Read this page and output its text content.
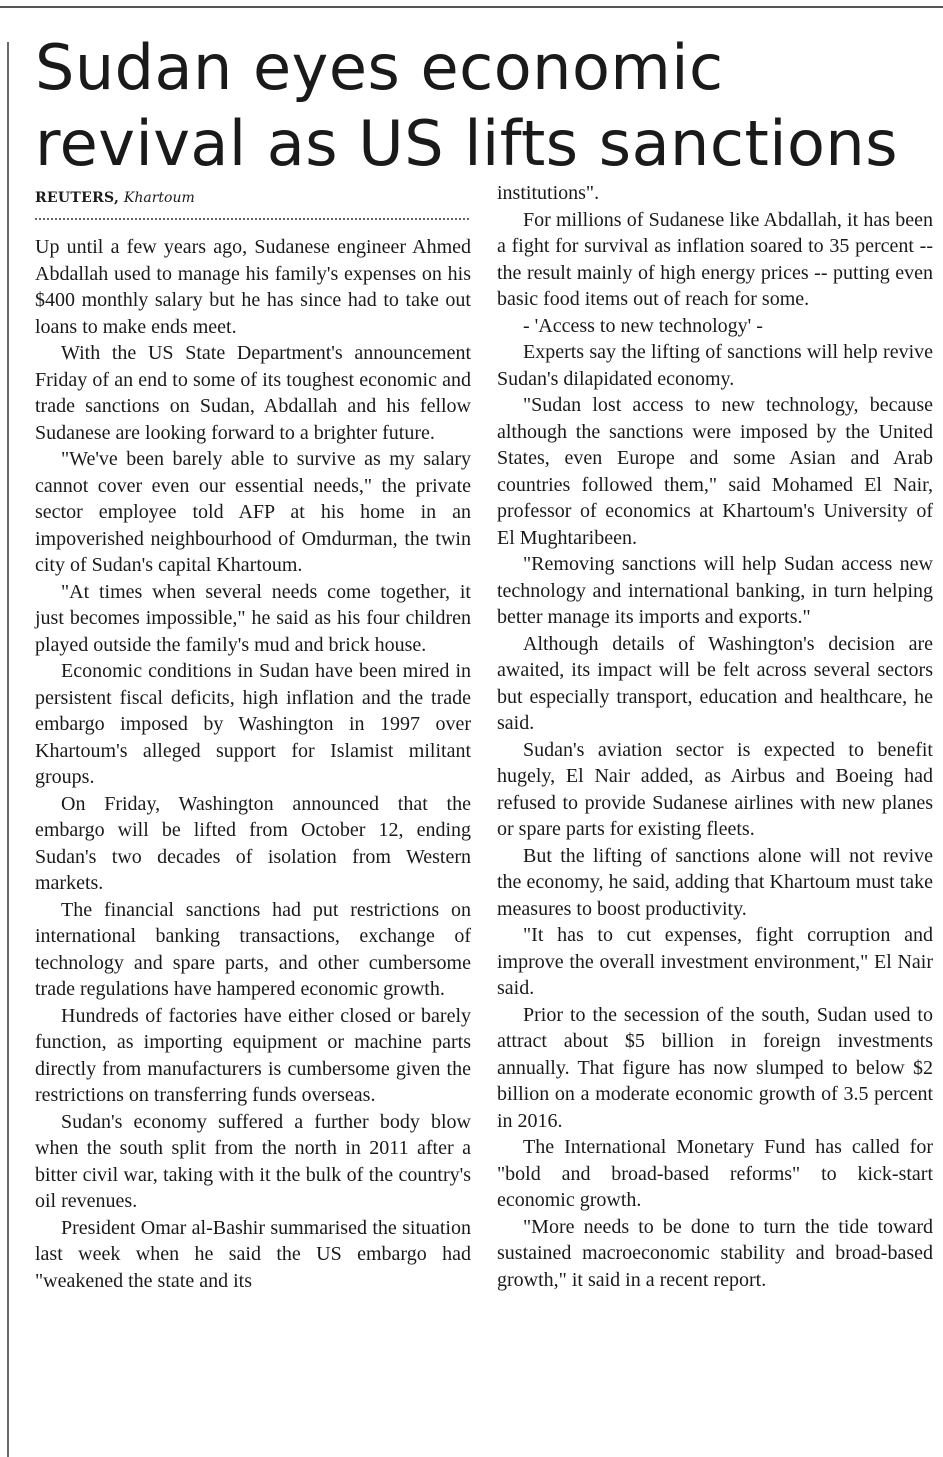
Sudan eyes economic revival as US lifts sanctions
REUTERS, Khartoum

Up until a few years ago, Sudanese engineer Ahmed Abdallah used to manage his family's expenses on his $400 monthly salary but he has since had to take out loans to make ends meet.

With the US State Department's announcement Friday of an end to some of its toughest economic and trade sanctions on Sudan, Abdallah and his fellow Sudanese are looking forward to a brighter future.

"We've been barely able to survive as my salary cannot cover even our essential needs," the private sector employee told AFP at his home in an impoverished neighbourhood of Omdurman, the twin city of Sudan's capital Khartoum.

"At times when several needs come together, it just becomes impossible," he said as his four children played outside the family's mud and brick house.

Economic conditions in Sudan have been mired in persistent fiscal deficits, high inflation and the trade embargo imposed by Washington in 1997 over Khartoum's alleged support for Islamist militant groups.

On Friday, Washington announced that the embargo will be lifted from October 12, ending Sudan's two decades of isolation from Western markets.

The financial sanctions had put restrictions on international banking transactions, exchange of technology and spare parts, and other cumbersome trade regulations have hampered economic growth.

Hundreds of factories have either closed or barely function, as importing equipment or machine parts directly from manufacturers is cumbersome given the restrictions on transferring funds overseas.

Sudan's economy suffered a further body blow when the south split from the north in 2011 after a bitter civil war, taking with it the bulk of the country's oil revenues.

President Omar al-Bashir summarised the situation last week when he said the US embargo had "weakened the state and its

institutions".

For millions of Sudanese like Abdallah, it has been a fight for survival as inflation soared to 35 percent -- the result mainly of high energy prices -- putting even basic food items out of reach for some.

- 'Access to new technology' -

Experts say the lifting of sanctions will help revive Sudan's dilapidated economy.

"Sudan lost access to new technology, because although the sanctions were imposed by the United States, even Europe and some Asian and Arab countries followed them," said Mohamed El Nair, professor of economics at Khartoum's University of El Mughtaribeen.

"Removing sanctions will help Sudan access new technology and international banking, in turn helping better manage its imports and exports."

Although details of Washington's decision are awaited, its impact will be felt across several sectors but especially transport, education and healthcare, he said.

Sudan's aviation sector is expected to benefit hugely, El Nair added, as Airbus and Boeing had refused to provide Sudanese airlines with new planes or spare parts for existing fleets.

But the lifting of sanctions alone will not revive the economy, he said, adding that Khartoum must take measures to boost productivity.

"It has to cut expenses, fight corruption and improve the overall investment environment," El Nair said.

Prior to the secession of the south, Sudan used to attract about $5 billion in foreign investments annually. That figure has now slumped to below $2 billion on a moderate economic growth of 3.5 percent in 2016.

The International Monetary Fund has called for "bold and broad-based reforms" to kick-start economic growth.

"More needs to be done to turn the tide toward sustained macroeconomic stability and broad-based growth," it said in a recent report.
